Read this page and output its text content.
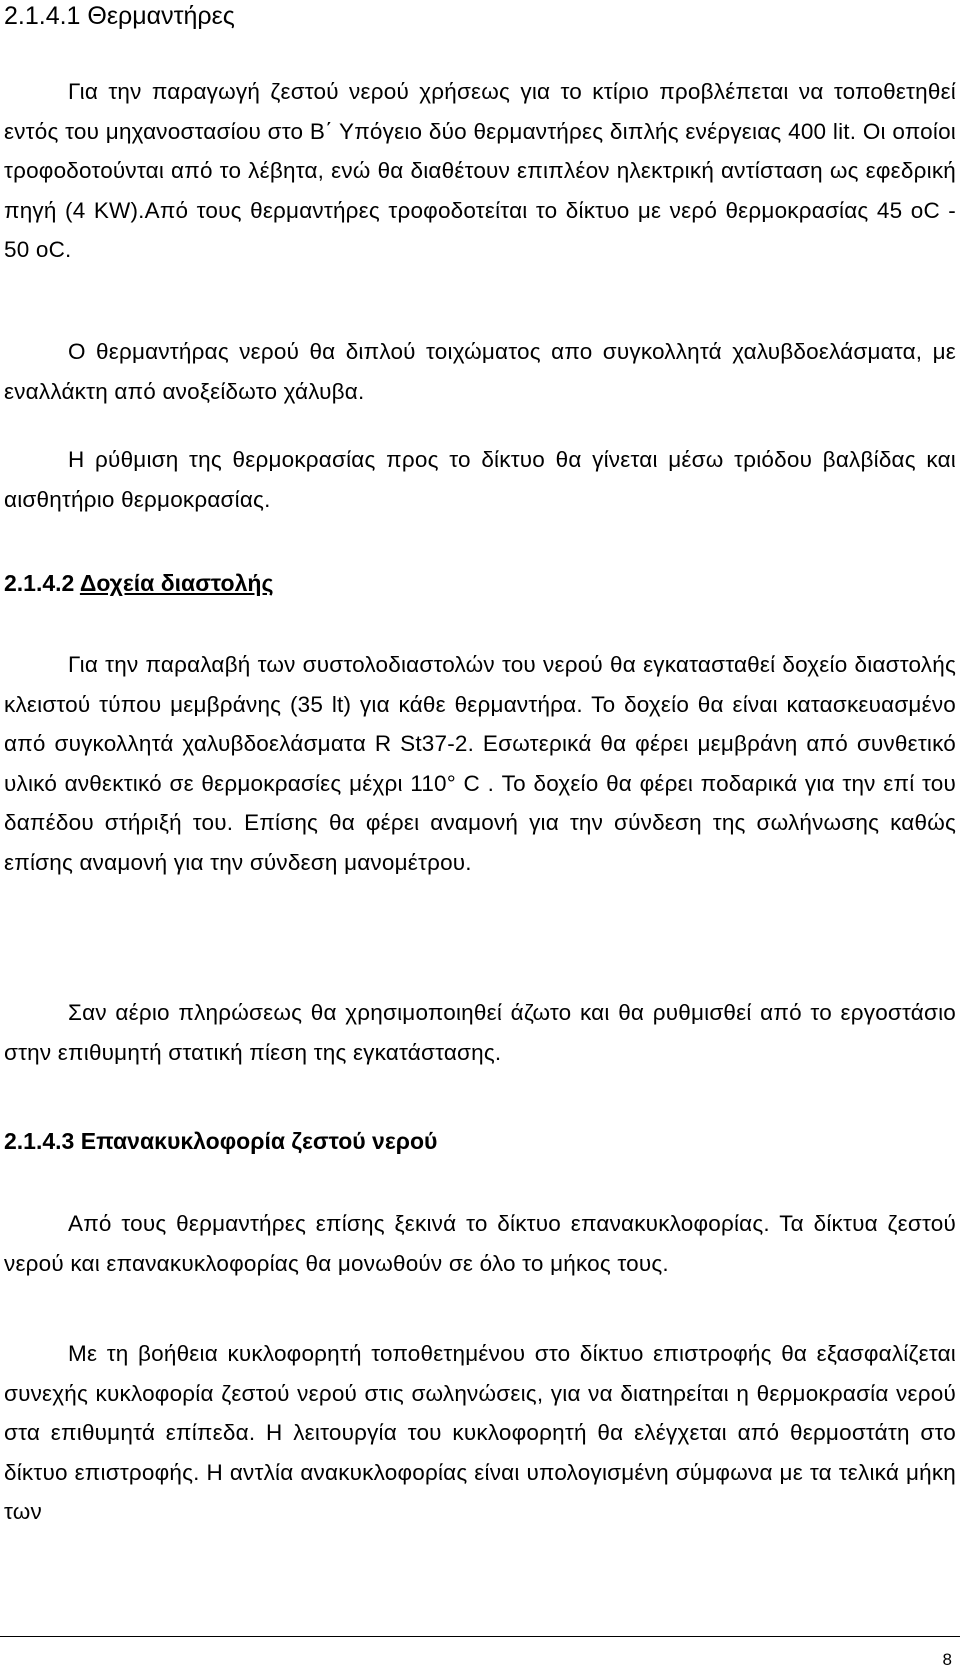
2.1.4.1 Θερμαντήρες

Για την παραγωγή ζεστού νερού χρήσεως για το κτίριο προβλέπεται να τοποθετηθεί εντός του μηχανοστασίου στο Β΄ Υπόγειο δύο θερμαντήρες διπλής ενέργειας 400 lit. Οι οποίοι τροφοδοτούνται από το λέβητα, ενώ θα διαθέτουν επιπλέον ηλεκτρική αντίσταση ως εφεδρική πηγή (4 KW).Από τους θερμαντήρες τροφοδοτείται το δίκτυο με νερό θερμοκρασίας 45 oC - 50 oC.

Ο θερμαντήρας νερού θα διπλού τοιχώματος απο συγκολλητά χαλυβδοελάσματα, με εναλλάκτη από ανοξείδωτο χάλυβα.

Η ρύθμιση της θερμοκρασίας προς το δίκτυο θα γίνεται μέσω τριόδου βαλβίδας και αισθητήριο θερμοκρασίας.

2.1.4.2 Δοχεία διαστολής

Για την παραλαβή των συστολοδιαστολών του νερού θα εγκατασταθεί δοχείο διαστολής κλειστού τύπου μεμβράνης (35 lt) για κάθε θερμαντήρα. Το δοχείο θα είναι κατασκευασμένο από συγκολλητά χαλυβδοελάσματα R St37-2. Εσωτερικά θα φέρει μεμβράνη από συνθετικό υλικό ανθεκτικό σε θερμοκρασίες μέχρι 110° C . Το δοχείο θα φέρει ποδαρικά για την επί του δαπέδου στήριξή του. Επίσης θα φέρει αναμονή για την σύνδεση της σωλήνωσης καθώς επίσης αναμονή για την σύνδεση μανομέτρου.

Σαν αέριο πληρώσεως θα χρησιμοποιηθεί άζωτο και θα ρυθμισθεί από το εργοστάσιο στην επιθυμητή στατική πίεση της εγκατάστασης.

2.1.4.3 Επανακυκλοφορία ζεστού νερού

Από τους θερμαντήρες επίσης ξεκινά το δίκτυο επανακυκλοφορίας. Τα δίκτυα ζεστού νερού και επανακυκλοφορίας θα μονωθούν σε όλο το μήκος τους.

Με τη βοήθεια κυκλοφορητή τοποθετημένου στο δίκτυο επιστροφής θα εξασφαλίζεται συνεχής κυκλοφορία ζεστού νερού στις σωληνώσεις, για να διατηρείται η θερμοκρασία νερού στα επιθυμητά επίπεδα. Η λειτουργία του κυκλοφορητή θα ελέγχεται από θερμοστάτη στο δίκτυο επιστροφής. Η αντλία ανακυκλοφορίας είναι υπολογισμένη σύμφωνα με τα τελικά μήκη των

8
